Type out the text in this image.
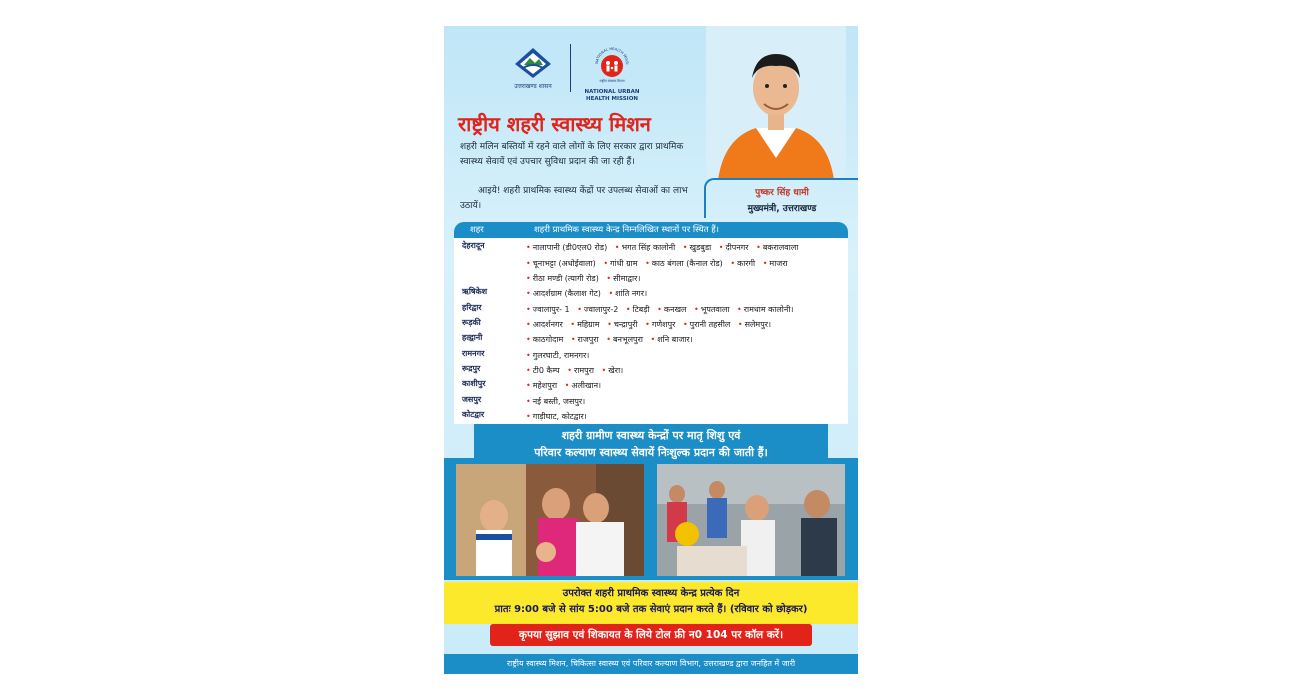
उत्तराखण्ड शासन
NATIONAL HEALTH MISSI
राष्ट्रीय स्वास्थ्य मिशन
NATIONAL URBAN
HEALTH MISSION
राष्ट्रीय शहरी स्वास्थ्य मिशन
शहरी मलिन बस्तियों में रहने वाले लोगों के लिए सरकार द्वारा प्राथमिक स्वास्थ्य सेवायें एवं उपचार सुविधा प्रदान की जा रही हैं।
आइये! शहरी प्राथमिक स्वास्थ्य केंद्रों पर उपलब्ध सेवाओं का लाभ उठायें।
पुष्कर सिंह धामी
मुख्यमंत्री, उत्तराखण्ड
शहर	शहरी प्राथमिक स्वास्थ्य केन्द्र निम्नलिखित स्थानों पर स्थित हैं।
देहरादून	• नालापानी (डी0एल0 रोड) • भगत सिंह कालोनी • खुडबुडा • दीपनगर • बकरालवाला • चूनाभट्टा (अधोईवाला) • गांधी ग्राम • काठ बंगला (कैनाल रोड) • कारगी • माजरा • रीठा मण्डी (त्यागी रोड) • सीमाद्वार।
ऋषिकेश	• आदर्शग्राम (कैलाश गेट) • शांति नगर।
हरिद्वार	• ज्वालापुर- 1 • ज्वालापुर-2 • टिबड़ी • कनखल • भूपतवाला • रामधाम कालोनी।
रूड़की	• आदर्शनगर • महिग्राम • चन्द्रापुरी • गणेशपुर • पुरानी तहसील • सलेमपुर।
हल्द्वानी	• काठगोदाम • राजपुरा • बनभूलपुरा • शनि बाजार।
रामनगर	• गुलरघाटी, रामनगर।
रूद्रपुर	• टी0 कैम्प • रामपुरा • खेरा।
काशीपुर	• महेशपुरा • अलीखान।
जसपुर	• नई बस्ती, जसपुर।
कोटद्वार	• गाड़ीघाट, कोटद्वार।
शहरी ग्रामीण स्वास्थ्य केन्द्रों पर मातृ शिशु एवं
परिवार कल्याण स्वास्थ्य सेवायें निःशुल्क प्रदान की जाती हैं।
उपरोक्त शहरी प्राथमिक स्वास्थ्य केन्द्र प्रत्येक दिन
प्रातः 9:00 बजे से सांय 5:00 बजे तक सेवाएं प्रदान करते हैं। (रविवार को छोड़कर)
कृपया सुझाव एवं शिकायत के लिये टोल फ्री न0 104 पर कॉल करें।
राष्ट्रीय स्वास्थ्य मिशन, चिकित्सा स्वास्थ्य एवं परिवार कल्याण विभाग, उत्तराखण्ड द्वारा जनहित में जारी
